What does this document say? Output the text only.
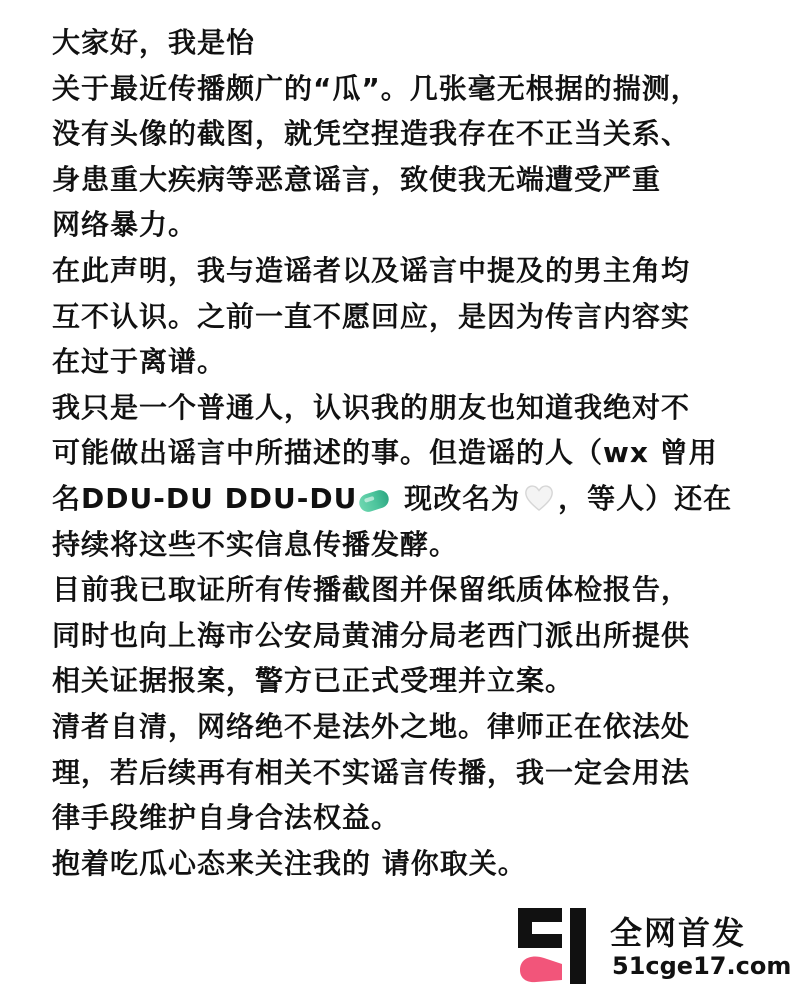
大家好，我是怡
关于最近传播颇广的“瓜”。几张毫无根据的揣测，
没有头像的截图，就凭空捏造我存在不正当关系、
身患重大疾病等恶意谣言，致使我无端遭受严重
网络暴力。
在此声明，我与造谣者以及谣言中提及的男主角均
互不认识。之前一直不愿回应，是因为传言内容实
在过于离谱。
我只是一个普通人，认识我的朋友也知道我绝对不
可能做出谣言中所描述的事。但造谣的人（wx 曾用
名DDU-DU DDU-DU 现改名为 ，等人）还在
持续将这些不实信息传播发酵。
目前我已取证所有传播截图并保留纸质体检报告，
同时也向上海市公安局黄浦分局老西门派出所提供
相关证据报案，警方已正式受理并立案。
清者自清，网络绝不是法外之地。律师正在依法处
理，若后续再有相关不实谣言传播，我一定会用法
律手段维护自身合法权益。
抱着吃瓜心态来关注我的 请你取关。
全网首发
51cge17.com
